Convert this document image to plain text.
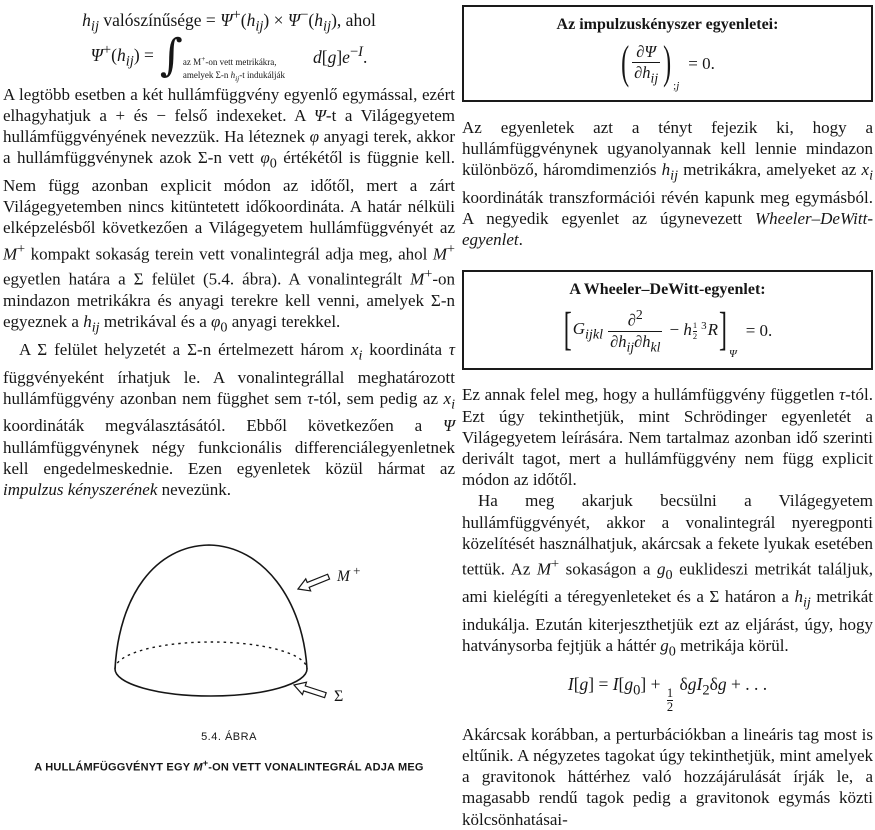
$h_{ij}$ valószínűsége = $\Psi^+(h_{ij}) \times \Psi^-(h_{ij})$, ahol
$\Psi^+(h_{ij})$ = ∫ az M+-on vett metrikákra,
amelyek Σ-n $h_{ij}-t$ indukálják
$d[g]e^{-I}$.

A legtöbb esetben a két hullámfüggvény egyenlő egymással, ezért elhagyhatjuk a + és − felső indexeket. A Ψ-t a Világegyetem hullámfüggvényének nevezzük. Ha léteznek φ anyagi terek, akkor a hullámfüggvénynek azok Σ-n vett $\varphi_0$ értékétől is függnie kell. Nem függ azonban explicit módon az időtől, mert a zárt Világegyetemben nincs kitüntetett időkoordináta. A határ nélküli elképzelésből következően a Világegyetem hullámfüggvényét az M+ kompakt sokaság terein vett vonalintegrál adja meg, ahol M+ egyetlen határa a Σ felület (5.4. ábra). A vonalintegrált M+-on mindazon metrikákra és anyagi terekre kell venni, amelyek Σ-n egyeznek a $h_{ij}$ metrikával és a $\varphi_0$ anyagi terekkel.

A Σ felület helyzetét a Σ-n értelmezett három $x_i$ koordináta τ függvényeként írhatjuk le. A vonalintegrállal meghatározott hullámfüggvény azonban nem függhet sem τ-tól, sem pedig az $x_i$ koordináták megválasztásától. Ebből következően a Ψ hullámfüggvénynek négy funkcionális differenciálegyenletnek kell engedelmeskednie. Ezen egyenletek közül hármat az impulzus kényszerének nevezünk.

M +
Σ
5.4. ÁBRA
A HULLÁMFÜGGVÉNYT EGY M+-ON VETT VONALINTEGRÁL ADJA MEG
Az impulzuskényszer egyenletei:
( $\frac{\partial\Psi}{\partial h_{ij}}$ ) ;j
= 0.

Az egyenletek azt a tényt fejezik ki, hogy a hullámfüggvénynek ugyanolyannak kell lennie mindazon különböző, háromdimenziós $h_{ij}$ metrikákra, amelyeket az $x_i$ koordináták transzformációi révén kapunk meg egymásból. A negyedik egyenlet az úgynevezett Wheeler–DeWitt-egyenlet.

A Wheeler–DeWitt-egyenlet:
[ $G_{ijkl} \frac{\partial^2}{\partial h_{ij}\partial h_{kl}} - h \frac{1}{2} ^3R$ ] Ψ
= 0.

Ez annak felel meg, hogy a hullámfüggvény független τ-tól. Ezt úgy tekinthetjük, mint Schrödinger egyenletét a Világegyetem leírására. Nem tartalmaz azonban idő szerinti derivált tagot, mert a hullámfüggvény nem függ explicit módon az időtől.

Ha meg akarjuk becsülni a Világegyetem hullámfüggvényét, akkor a vonalintegrál nyeregponti közelítését használhatjuk, akárcsak a fekete lyukak esetében tettük. Az M+ sokaságon a $g_0$ euklideszi metrikát találjuk, ami kielégíti a téregyenleteket és a Σ határon a $h_{ij}$ metrikát indukálja. Ezután kiterjeszthetjük ezt az eljárást, úgy, hogy hatványsorba fejtjük a háttér $g_0$ metrikája körül.

$I[g] = I[g_0]$ +
$\frac{1}{2}$
δgI$_2$δg + . . .

Akárcsak korábban, a perturbációkban a lineáris tag most is eltűnik. A négyzetes tagokat úgy tekinthetjük, mint amelyek a gravitonok háttérhez való hozzájárulását írják le, a magasabb rendű tagok pedig a gravitonok egymás közti kölcsönhatásai-
